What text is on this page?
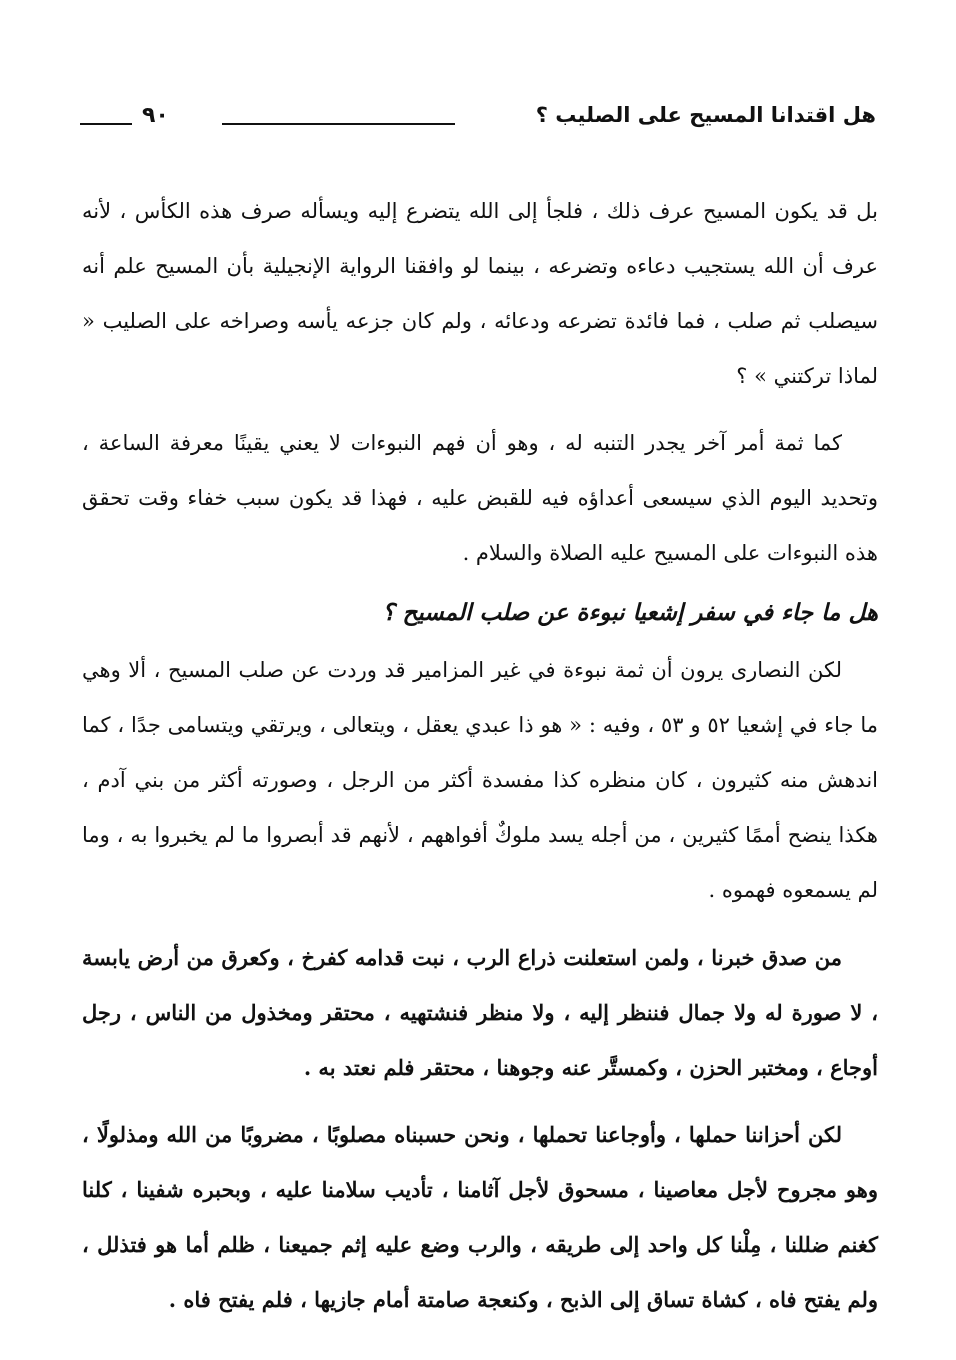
هل اقتدانا المسيح على الصليب ؟
٩٠

بل قد يكون المسيح عرف ذلك ، فلجأ إلى الله يتضرع إليه ويسأله صرف هذه الكأس ، لأنه عرف أن الله يستجيب دعاءه وتضرعه ، بينما لو وافقنا الرواية الإنجيلية بأن المسيح علم أنه سيصلب ثم صلب ، فما فائدة تضرعه ودعائه ، ولم كان جزعه يأسه وصراخه على الصليب « لماذا تركتني » ؟

كما ثمة أمر آخر يجدر التنبه له ، وهو أن فهم النبوءات لا يعني يقينًا معرفة الساعة ، وتحديد اليوم الذي سيسعى أعداؤه فيه للقبض عليه ، فهذا قد يكون سبب خفاء وقت تحقق هذه النبوءات على المسيح عليه الصلاة والسلام .

هل ما جاء في سفر إشعيا نبوءة عن صلب المسيح ؟

لكن النصارى يرون أن ثمة نبوءة في غير المزامير قد وردت عن صلب المسيح ، ألا وهي ما جاء في إشعيا ٥٢ و ٥٣ ، وفيه : « هو ذا عبدي يعقل ، ويتعالى ، ويرتقي ويتسامى جدًا ، كما اندهش منه كثيرون ، كان منظره كذا مفسدة أكثر من الرجل ، وصورته أكثر من بني آدم ، هكذا ينضح أممًا كثيرين ، من أجله يسد ملوكٌ أفواههم ، لأنهم قد أبصروا ما لم يخبروا به ، وما لم يسمعوه فهموه .

من صدق خبرنا ، ولمن استعلنت ذراع الرب ، نبت قدامه كفرخ ، وكعرق من أرض يابسة ، لا صورة له ولا جمال فننظر إليه ، ولا منظر فنشتهيه ، محتقر ومخذول من الناس ، رجل أوجاع ، ومختبر الحزن ، وكمستَّر عنه وجوهنا ، محتقر فلم نعتد به .

لكن أحزاننا حملها ، وأوجاعنا تحملها ، ونحن حسبناه مصلوبًا ، مضروبًا من الله ومذلولًا ، وهو مجروح لأجل معاصينا ، مسحوق لأجل آثامنا ، تأديب سلامنا عليه ، وبحبره شفينا ، كلنا كغنم ضللنا ، مِلْنا كل واحد إلى طريقه ، والرب وضع عليه إثم جميعنا ، ظلم أما هو فتذلل ، ولم يفتح فاه ، كشاة تساق إلى الذبح ، وكنعجة صامتة أمام جازيها ، فلم يفتح فاه .
